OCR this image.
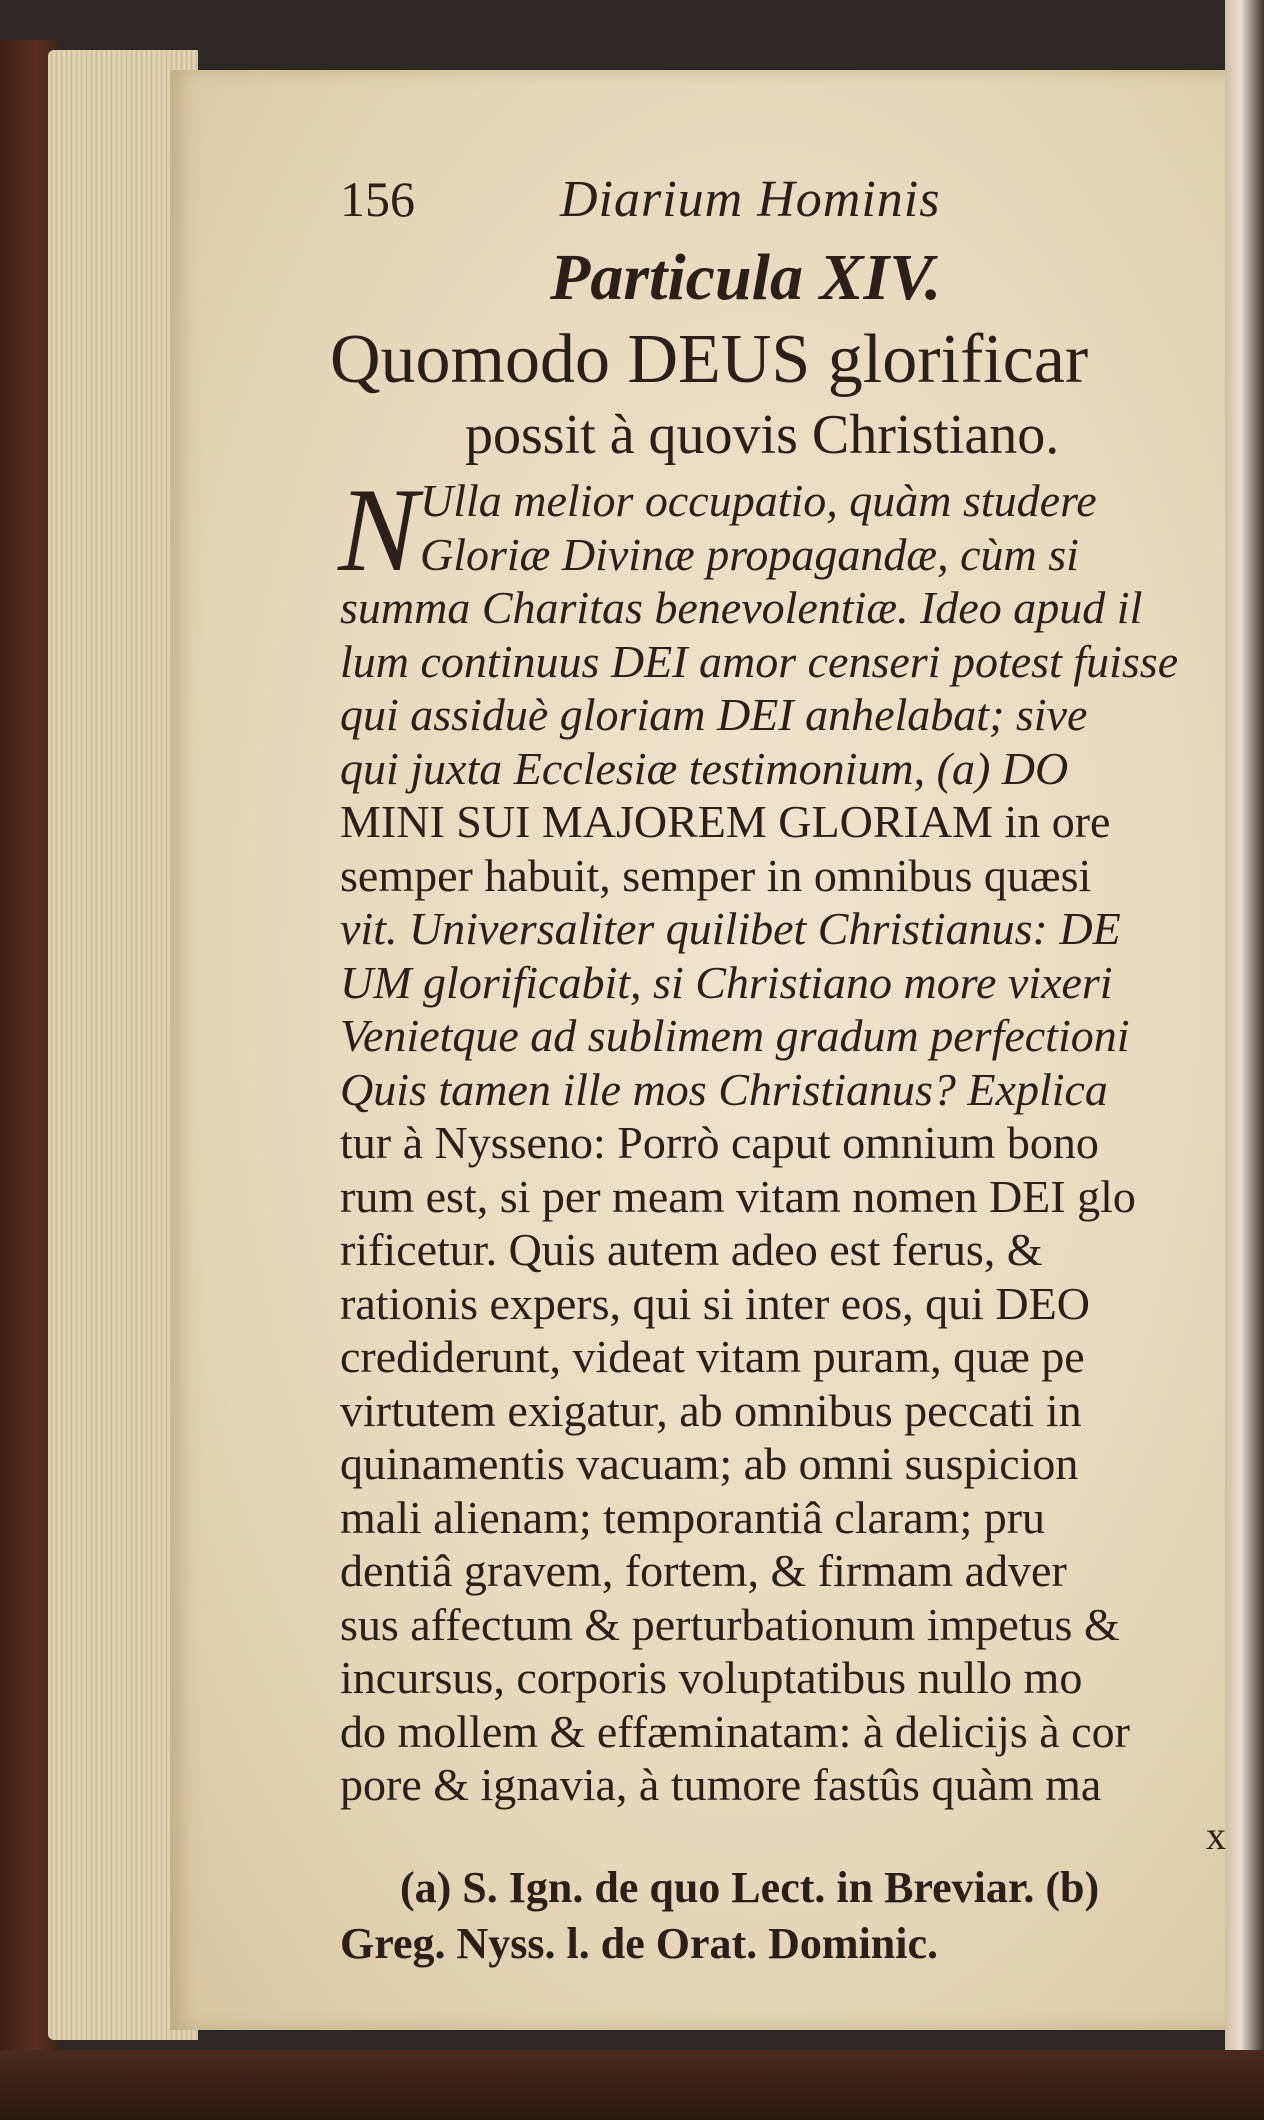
156	Diarium Hominis
Particula XIV.
Quomodo DEUS glorificar
possit à quovis Christiano.
N Ulla melior occupatio, quàm studere
Gloriæ Divinæ propagandæ, cùm si
summa Charitas benevolentiæ. Ideo apud il
lum continuus DEI amor censeri potest fuisse
qui assiduè gloriam DEI anhelabat; sive
qui juxta Ecclesiæ testimonium, (a) DO
MINI SUI MAJOREM GLORIAM in ore
semper habuit, semper in omnibus quæsi
vit. Universaliter quilibet Christianus: DE
UM glorificabit, si Christiano more vixeri
Venietque ad sublimem gradum perfectioni
Quis tamen ille mos Christianus? Explica
tur à Nysseno: Porrò caput omnium bono
rum est, si per meam vitam nomen DEI glo
rificetur. Quis autem adeo est ferus, &
rationis expers, qui si inter eos, qui DEO
crediderunt, videat vitam puram, quæ pe
virtutem exigatur, ab omnibus peccati in
quinamentis vacuam; ab omni suspicion
mali alienam; temporantiâ claram; pru
dentiâ gravem, fortem, & firmam adver
sus affectum & perturbationum impetus &
incursus, corporis voluptatibus nullo mo
do mollem & effæminatam: à delicijs à cor
pore & ignavia, à tumore fastûs quàm ma
x
(a) S. Ign. de quo Lect. in Breviar. (b)
Greg. Nyss. l. de Orat. Dominic.
